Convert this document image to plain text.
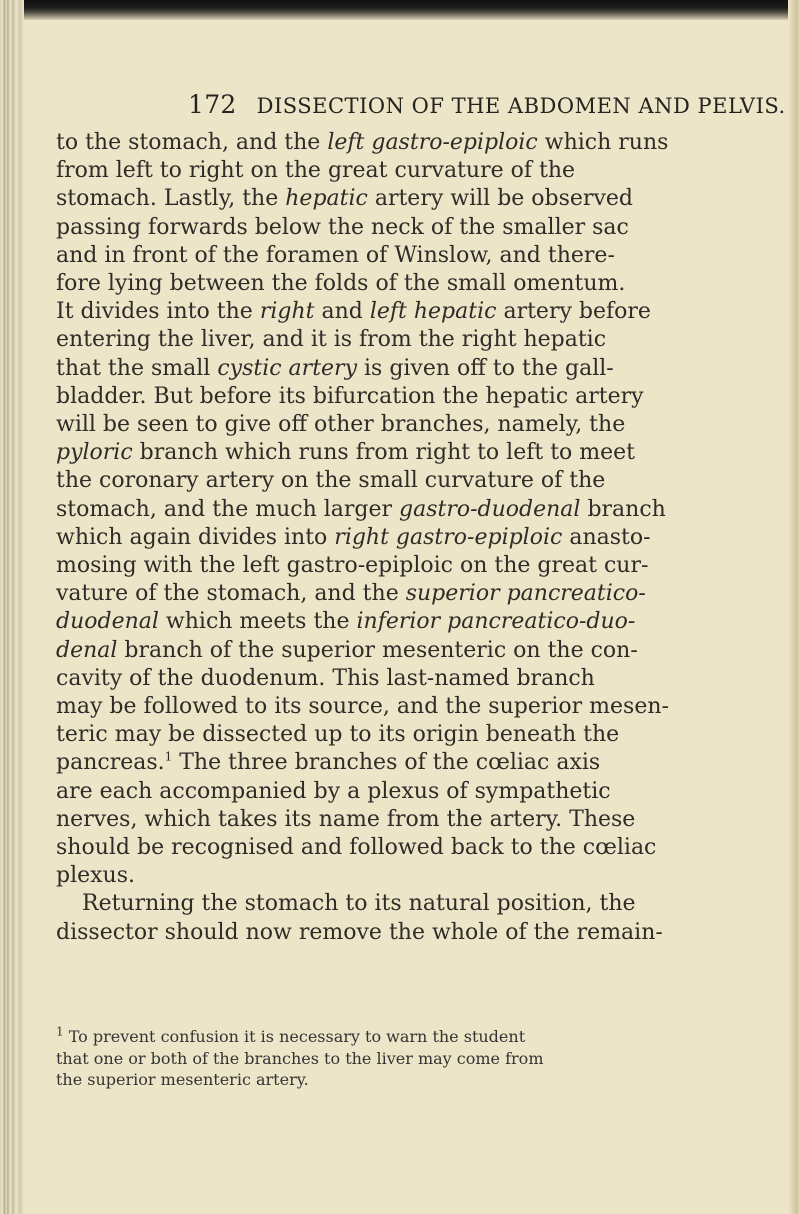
172 DISSECTION OF THE ABDOMEN AND PELVIS.
to the stomach, and the left gastro-epiploic which runs
from left to right on the great curvature of the
stomach. Lastly, the hepatic artery will be observed
passing forwards below the neck of the smaller sac
and in front of the foramen of Winslow, and there-
fore lying between the folds of the small omentum.
It divides into the right and left hepatic artery before
entering the liver, and it is from the right hepatic
that the small cystic artery is given off to the gall-
bladder. But before its bifurcation the hepatic artery
will be seen to give off other branches, namely, the
pyloric branch which runs from right to left to meet
the coronary artery on the small curvature of the
stomach, and the much larger gastro-duodenal branch
which again divides into right gastro-epiploic anasto-
mosing with the left gastro-epiploic on the great cur-
vature of the stomach, and the superior pancreatico-
duodenal which meets the inferior pancreatico-duo-
denal branch of the superior mesenteric on the con-
cavity of the duodenum. This last-named branch
may be followed to its source, and the superior mesen-
teric may be dissected up to its origin beneath the
pancreas.$^1$ The three branches of the cœliac axis
are each accompanied by a plexus of sympathetic
nerves, which takes its name from the artery. These
should be recognised and followed back to the cœliac
plexus.
Returning the stomach to its natural position, the
dissector should now remove the whole of the remain-
$^1$ To prevent confusion it is necessary to warn the student
that one or both of the branches to the liver may come from
the superior mesenteric artery.
